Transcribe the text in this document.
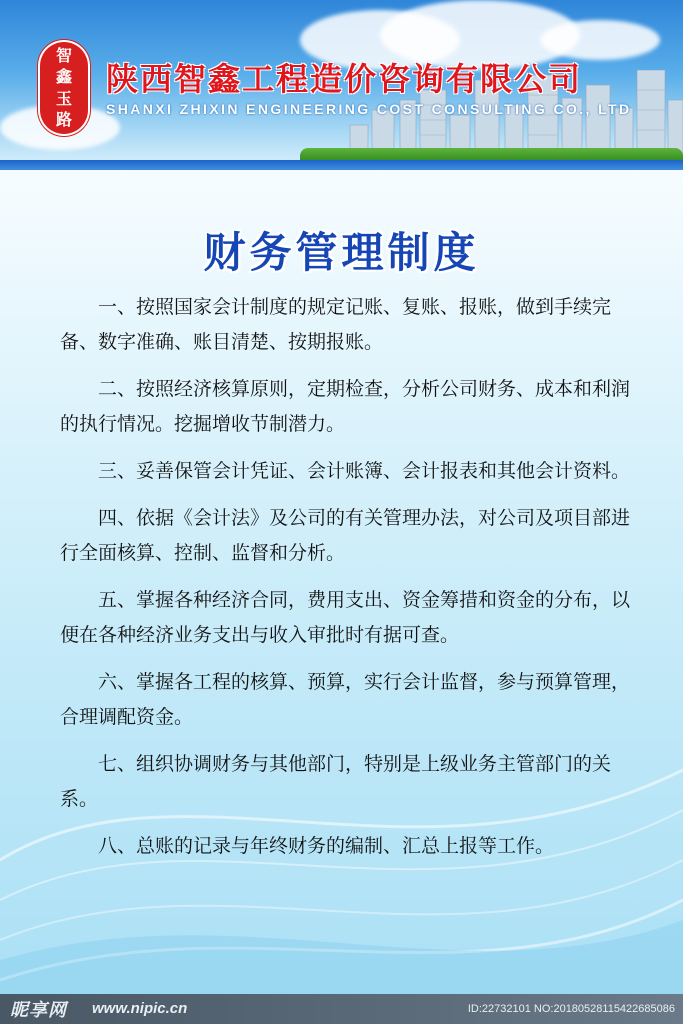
智
鑫
玉
路
陕西智鑫工程造价咨询有限公司
SHANXI ZHIXIN ENGINEERING COST CONSULTING CO., LTD
财务管理制度

一、按照国家会计制度的规定记账、复账、报账，做到手续完备、数字准确、账目清楚、按期报账。

二、按照经济核算原则，定期检查，分析公司财务、成本和利润的执行情况。挖掘增收节制潜力。

三、妥善保管会计凭证、会计账簿、会计报表和其他会计资料。

四、依据《会计法》及公司的有关管理办法，对公司及项目部进行全面核算、控制、监督和分析。

五、掌握各种经济合同，费用支出、资金筹措和资金的分布，以便在各种经济业务支出与收入审批时有据可查。

六、掌握各工程的核算、预算，实行会计监督，参与预算管理，合理调配资金。

七、组织协调财务与其他部门，特别是上级业务主管部门的关系。

八、总账的记录与年终财务的编制、汇总上报等工作。

昵享网 www.nipic.cn	ID:22732101 NO:20180528115422685086
